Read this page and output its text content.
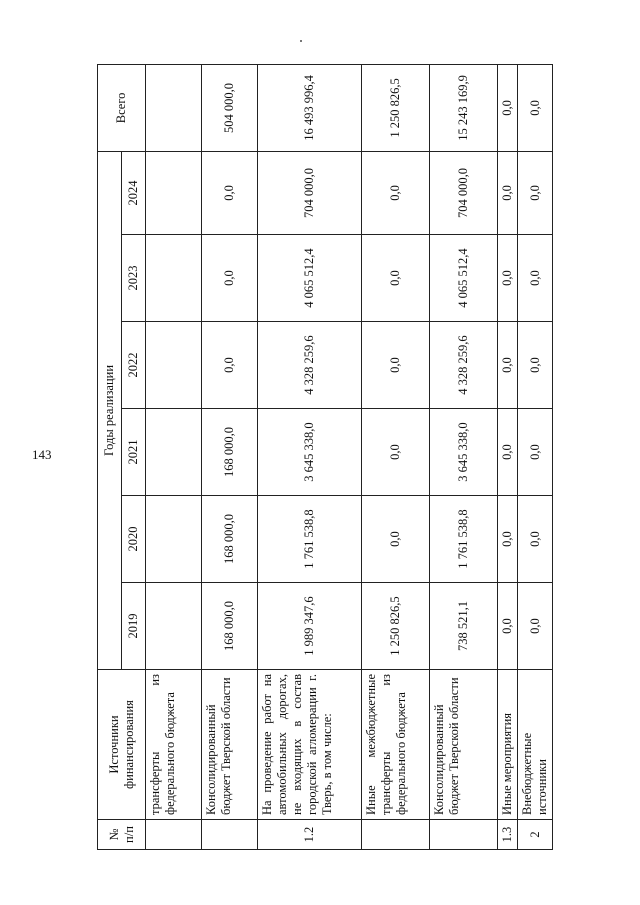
143
№ п/п	Источники финансирования	Годы реализации						Всего
		2019	2020	2021	2022	2023	2024	
	трансферты из федерального бюджета							
	Консолидированный бюджет Тверской области	168 000,0	168 000,0	168 000,0	0,0	0,0	0,0	504 000,0
1.2	На проведение работ на автомобильных дорогах, не входящих в состав городской агломерации г. Тверь, в том числе:	1 989 347,6	1 761 538,8	3 645 338,0	4 328 259,6	4 065 512,4	704 000,0	16 493 996,4
	Иные межбюджетные трансферты из федерального бюджета	1 250 826,5	0,0	0,0	0,0	0,0	0,0	1 250 826,5
	Консолидированный бюджет Тверской области	738 521,1	1 761 538,8	3 645 338,0	4 328 259,6	4 065 512,4	704 000,0	15 243 169,9
1.3	Иные мероприятия	0,0	0,0	0,0	0,0	0,0	0,0	0,0
2	Внебюджетные источники	0,0	0,0	0,0	0,0	0,0	0,0	0,0
